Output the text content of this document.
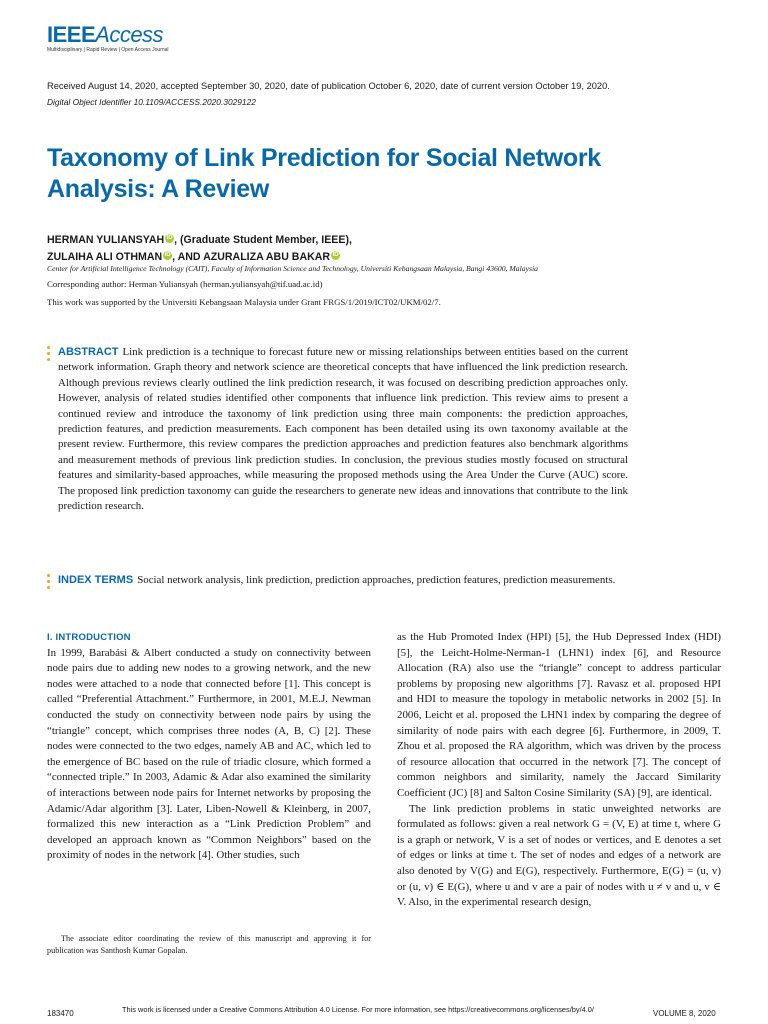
IEEEAccess
Multidisciplinary | Rapid Review | Open Access Journal
Received August 14, 2020, accepted September 30, 2020, date of publication October 6, 2020, date of current version October 19, 2020.
Digital Object Identifier 10.1109/ACCESS.2020.3029122
Taxonomy of Link Prediction for Social Network
Analysis: A Review
HERMAN YULIANSYAH iD , (Graduate Student Member, IEEE),
ZULAIHA ALI OTHMAN iD , AND AZURALIZA ABU BAKAR iD
Center for Artificial Intelligence Technology (CAIT), Faculty of Information Science and Technology, Universiti Kebangsaan Malaysia, Bangi 43600, Malaysia
Corresponding author: Herman Yuliansyah (herman.yuliansyah@tif.uad.ac.id)
This work was supported by the Universiti Kebangsaan Malaysia under Grant FRGS/1/2019/ICT02/UKM/02/7.
ABSTRACT Link prediction is a technique to forecast future new or missing relationships between entities based on the current network information. Graph theory and network science are theoretical concepts that have influenced the link prediction research. Although previous reviews clearly outlined the link prediction research, it was focused on describing prediction approaches only. However, analysis of related studies identified other components that influence link prediction. This review aims to present a continued review and introduce the taxonomy of link prediction using three main components: the prediction approaches, prediction features, and prediction measurements. Each component has been detailed using its own taxonomy available at the present review. Furthermore, this review compares the prediction approaches and prediction features also benchmark algorithms and measurement methods of previous link prediction studies. In conclusion, the previous studies mostly focused on structural features and similarity-based approaches, while measuring the proposed methods using the Area Under the Curve (AUC) score. The proposed link prediction taxonomy can guide the researchers to generate new ideas and innovations that contribute to the link prediction research.
INDEX TERMS Social network analysis, link prediction, prediction approaches, prediction features, prediction measurements.
I. INTRODUCTION

In 1999, Barabási & Albert conducted a study on connectivity between node pairs due to adding new nodes to a growing network, and the new nodes were attached to a node that connected before [1]. This concept is called “Preferential Attachment.” Furthermore, in 2001, M.E.J. Newman conducted the study on connectivity between node pairs by using the “triangle” concept, which comprises three nodes (A, B, C) [2]. These nodes were connected to the two edges, namely AB and AC, which led to the emergence of BC based on the rule of triadic closure, which formed a “connected triple.” In 2003, Adamic & Adar also examined the similarity of interactions between node pairs for Internet networks by proposing the Adamic/Adar algorithm [3]. Later, Liben-Nowell & Kleinberg, in 2007, formalized this new interaction as a “Link Prediction Problem” and developed an approach known as “Common Neighbors” based on the proximity of nodes in the network [4]. Other studies, such

as the Hub Promoted Index (HPI) [5], the Hub Depressed Index (HDI) [5], the Leicht-Holme-Nerman-1 (LHN1) index [6], and Resource Allocation (RA) also use the “triangle” concept to address particular problems by proposing new algorithms [7]. Ravasz et al. proposed HPI and HDI to measure the topology in metabolic networks in 2002 [5]. In 2006, Leicht et al. proposed the LHN1 index by comparing the degree of similarity of node pairs with each degree [6]. Furthermore, in 2009, T. Zhou et al. proposed the RA algorithm, which was driven by the process of resource allocation that occurred in the network [7]. The concept of common neighbors and similarity, namely the Jaccard Similarity Coefficient (JC) [8] and Salton Cosine Similarity (SA) [9], are identical.

The link prediction problems in static unweighted networks are formulated as follows: given a real network G = (V, E) at time t, where G is a graph or network, V is a set of nodes or vertices, and E denotes a set of edges or links at time t. The set of nodes and edges of a network are also denoted by V(G) and E(G), respectively. Furthermore, E(G) = (u, v) or (u, v) ∈ E(G), where u and v are a pair of nodes with u ≠ v and u, v ∈ V. Also, in the experimental research design,

The associate editor coordinating the review of this manuscript and approving it for publication was Santhosh Kumar Gopalan.
183470	This work is licensed under a Creative Commons Attribution 4.0 License. For more information, see https://creativecommons.org/licenses/by/4.0/	VOLUME 8, 2020
